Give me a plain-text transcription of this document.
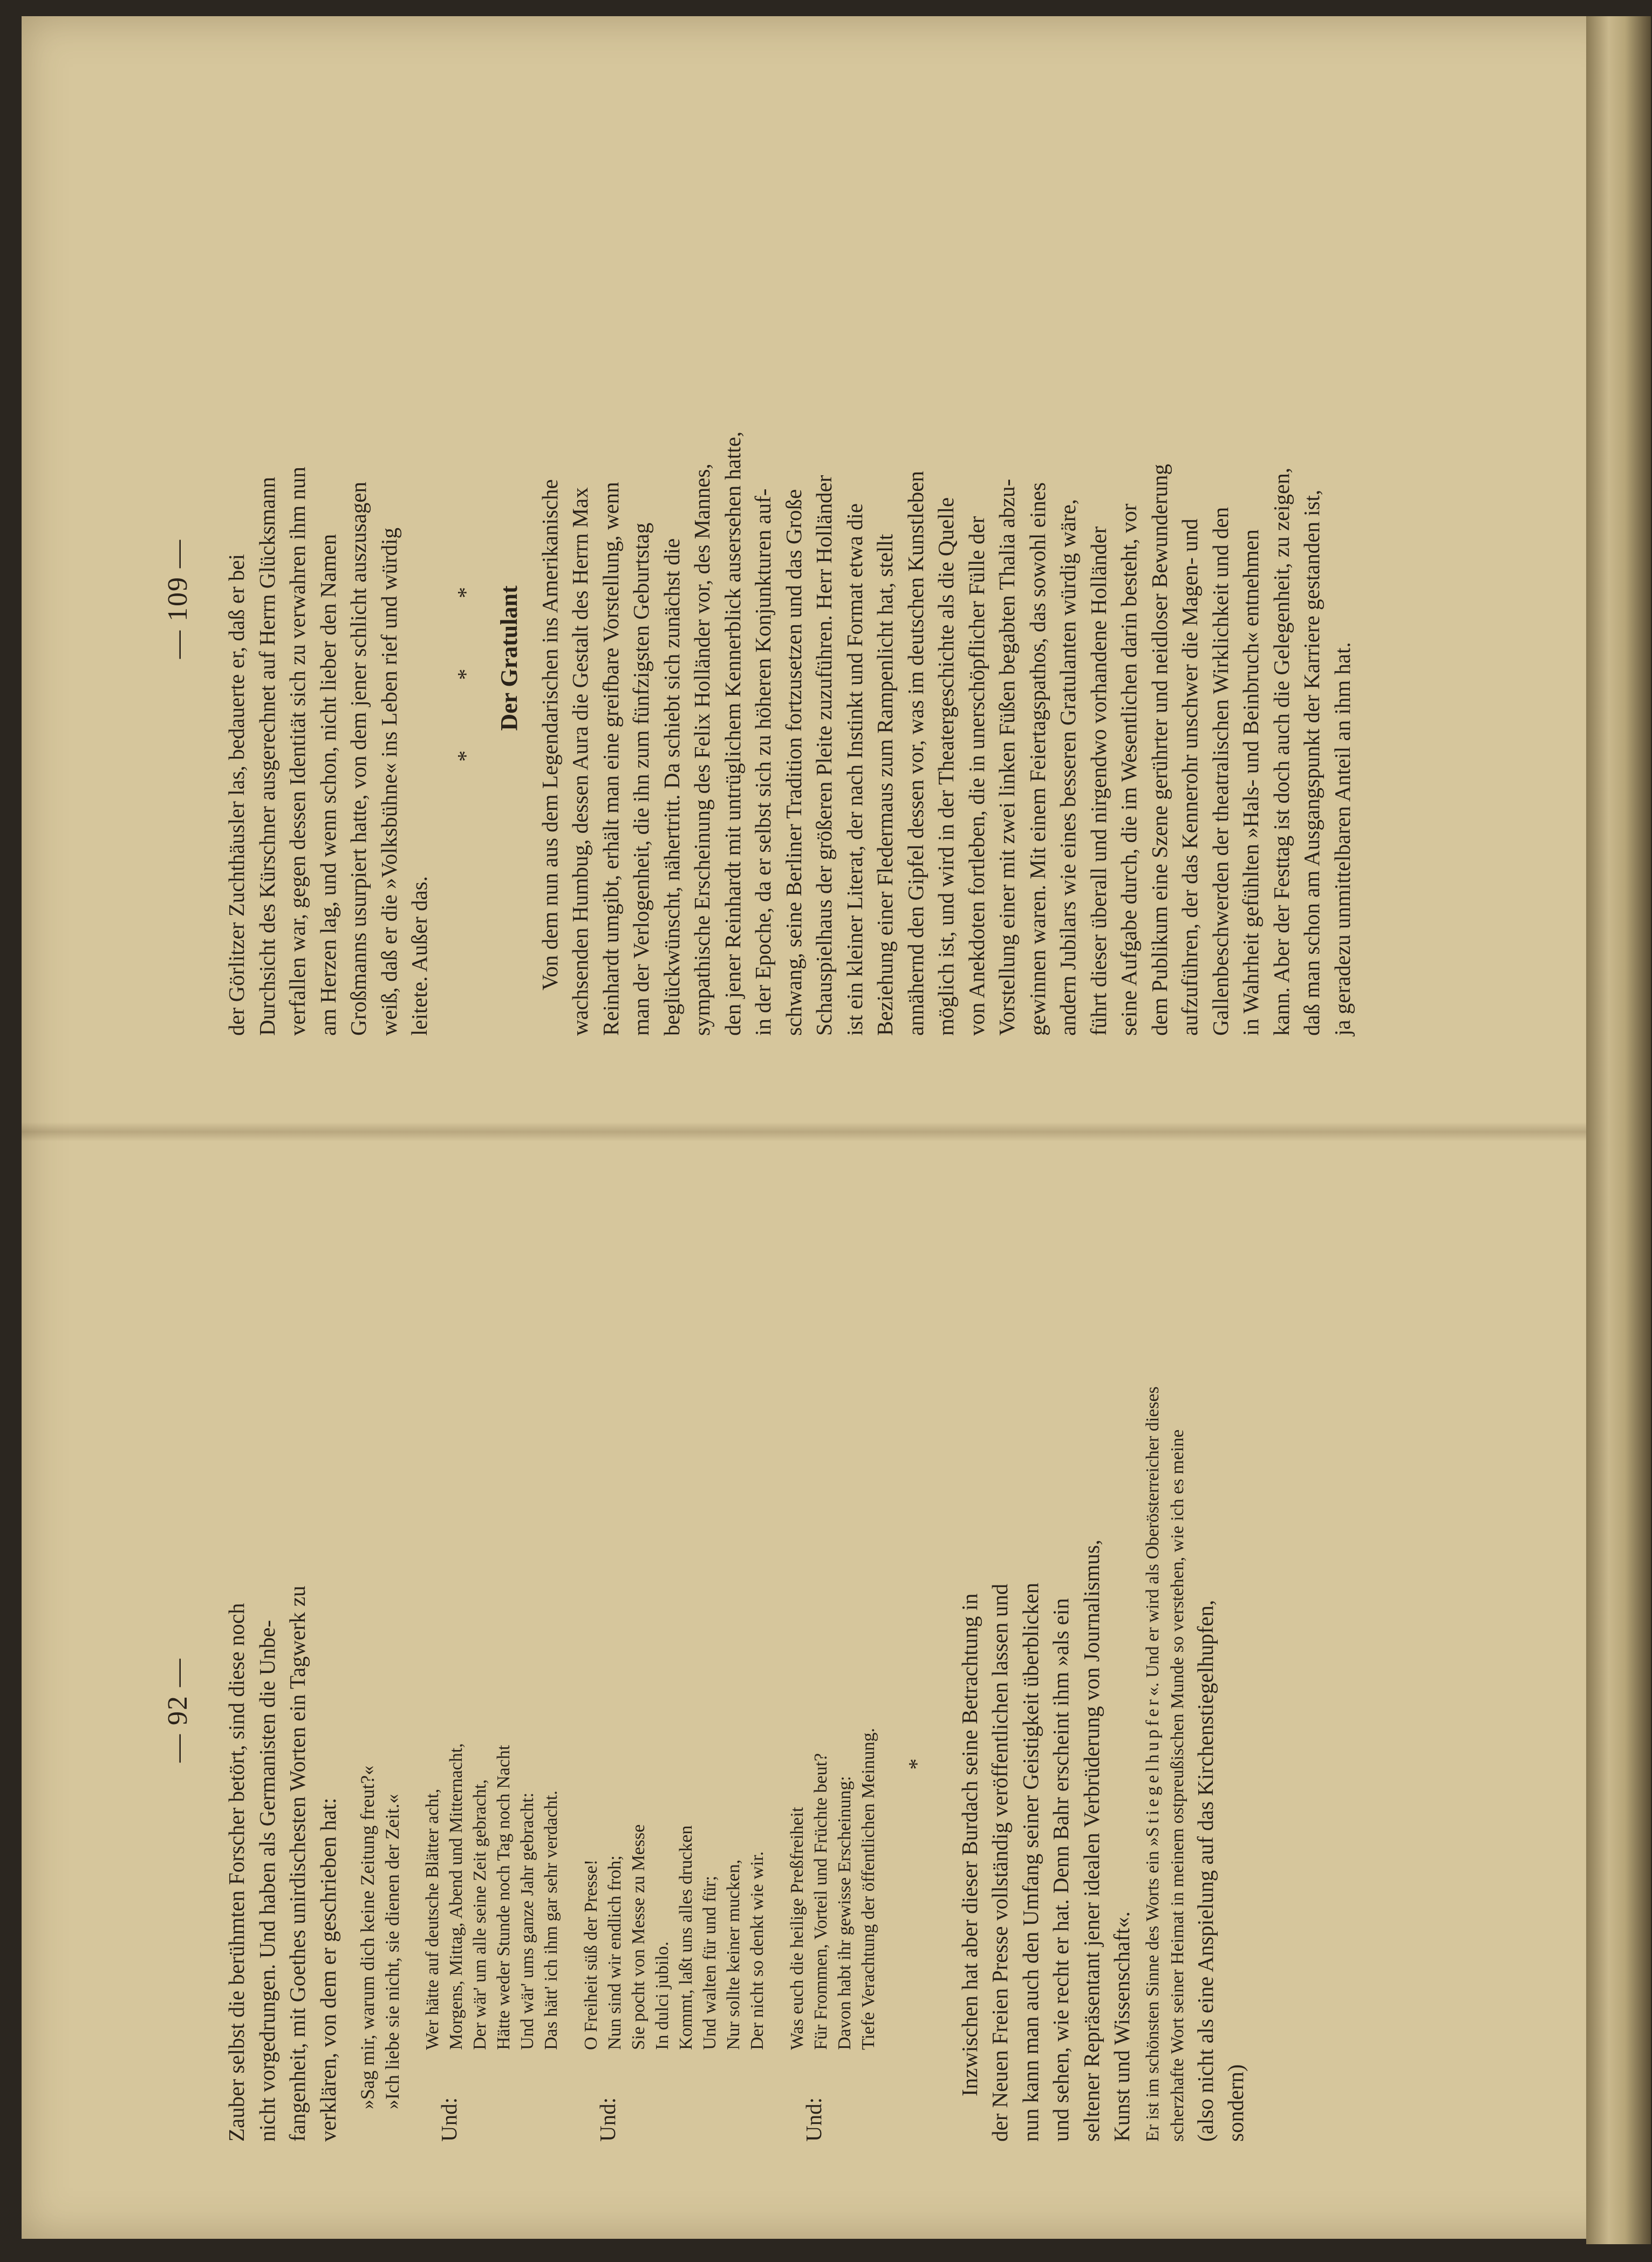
— 109 — der Görlitzer Zuchthäusler las, bedauerte er, daß er bei Durchsicht des Kürschner ausgerechnet auf Herrn Glücksmann verfallen war, gegen dessen Identität sich zu verwahren ihm nun am Herzen lag, und wenn schon, nicht lieber den Namen Großmanns usurpiert hatte, von dem jener schlicht auszusagen weiß, daß er die »Volksbühne« ins Leben rief und würdig leitete. Außer das.

* * * Der Gratulant Von dem nun aus dem Legendarischen ins Amerikanische wachsenden Humbug, dessen Aura die Gestalt des Herrn Max Reinhardt umgibt, erhält man eine greifbare Vorstellung, wenn man der Verlogenheit, die ihn zum fünfzigsten Geburtstag beglückwünscht, nähertritt. Da schiebt sich zunächst die sympathische Erscheinung des Felix Holländer vor, des Mannes, den jener Reinhardt mit untrüglichem Kennerblick ausersehen hatte, in der Epoche, da er selbst sich zu höheren Konjunkturen auf- schwang, seine Berliner Tradition fortzusetzen und das Große Schauspielhaus der größeren Pleite zuzuführen. Herr Holländer ist ein kleiner Literat, der nach Instinkt und Format etwa die Beziehung einer Fledermaus zum Rampenlicht hat, stellt annähernd den Gipfel dessen vor, was im deutschen Kunstleben möglich ist, und wird in der Theatergeschichte als die Quelle von Anekdoten fortleben, die in unerschöpflicher Fülle der Vorstellung einer mit zwei linken Füßen begabten Thalia abzu- gewinnen waren. Mit einem Feiertagspathos, das sowohl eines andern Jubilars wie eines besseren Gratulanten würdig wäre, führt dieser überall und nirgendwo vorhandene Holländer seine Aufgabe durch, die im Wesentlichen darin besteht, vor dem Publikum eine Szene gerührter und neidloser Bewunderung aufzuführen, der das Kennerohr unschwer die Magen- und Gallenbeschwerden der theatralischen Wirklichkeit und den in Wahrheit gefühlten »Hals- und Beinbruch« entnehmen kann. Aber der Festtag ist doch auch die Gelegenheit, zu zeigen, daß man schon am Ausgangspunkt der Karriere gestanden ist, ja geradezu unmittelbaren Anteil an ihm hat.

— 92 — Zauber selbst die berühmten Forscher betört, sind diese noch nicht vorgedrungen. Und haben als Germanisten die Unbe- fangenheit, mit Goethes unirdischesten Worten ein Tagwerk zu verklären, von dem er geschrieben hat: »Sag mir, warum dich keine Zeitung freut?« »Ich liebe sie nicht, sie dienen der Zeit.«
Und:
Wer hätte auf deutsche Blätter acht, Morgens, Mittag, Abend und Mitternacht, Der wär' um alle seine Zeit gebracht, Hätte weder Stunde noch Tag noch Nacht Und wär' ums ganze Jahr gebracht: Das hätt' ich ihm gar sehr verdacht.
Und:
O Freiheit süß der Presse! Nun sind wir endlich froh; Sie pocht von Messe zu Messe In dulci jubilo. Kommt, laßt uns alles drucken Und walten für und für; Nur sollte keiner mucken, Der nicht so denkt wie wir.
Und:
Was euch die heilige Preßfreiheit Für Frommen, Vorteil und Früchte beut? Davon habt ihr gewisse Erscheinung: Tiefe Verachtung der öffentlichen Meinung. * Inzwischen hat aber dieser Burdach seine Betrachtung in der Neuen Freien Presse vollständig veröffentlichen lassen und nun kann man auch den Umfang seiner Geistigkeit überblicken und sehen, wie recht er hat. Denn Bahr erscheint ihm »als ein seltener Repräsentant jener idealen Verbrüderung von Journalismus, Kunst und Wissenschaft«. Er ist im schönsten Sinne des Worts ein »Stiegelhupfer«. Und er wird als Oberösterreicher dieses scherzhafte Wort seiner Heimat in meinem ostpreußischen Munde so verstehen, wie ich es meine (also nicht als eine Anspielung auf das Kirchenstiegelhupfen, sondern)
